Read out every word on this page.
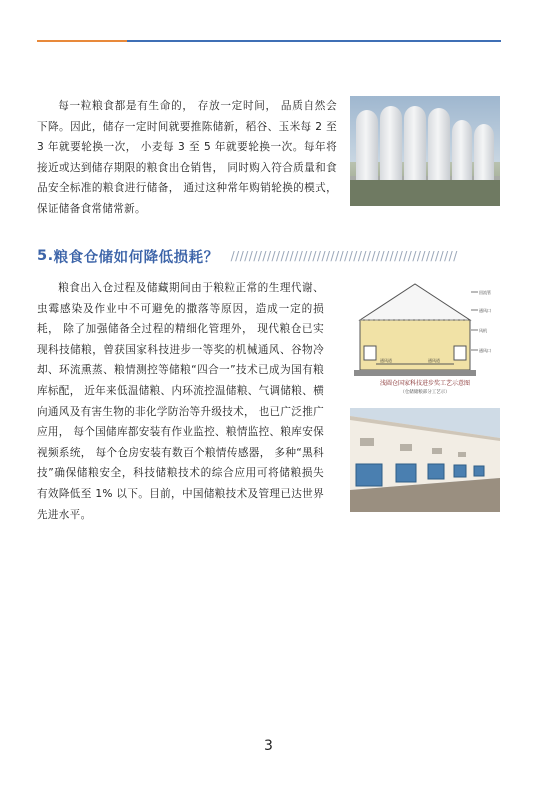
每一粒粮食都是有生命的， 存放一定时间， 品质自然会下降。因此，储存一定时间就要推陈储新，稻谷、玉米每 2 至 3 年就要轮换一次， 小麦每 3 至 5 年就要轮换一次。每年将接近或达到储存期限的粮食出仓销售， 同时购入符合质量和食品安全标准的粮食进行储备， 通过这种常年购销轮换的模式，保证储备食常储常新。

5. 粮食仓储如何降低损耗？ //////////////////////////////////////////////////

粮食出入仓过程及储藏期间由于粮粒正常的生理代谢、虫霉感染及作业中不可避免的撒落等原因，造成一定的损耗， 除了加强储备全过程的精细化管理外， 现代粮仓已实现科技储粮，曾获国家科技进步一等奖的机械通风、谷物冷却、环流熏蒸、粮情测控等储粮“四合一”技术已成为国有粮库标配， 近年来低温储粮、内环流控温储粮、气调储粮、横向通风及有害生物的非化学防治等升级技术， 也已广泛推广应用， 每个国储库都安装有作业监控、粮情监控、粮库安保视频系统， 每个仓房安装有数百个粮情传感器， 多种“黑科技”确保储粮安全，科技储粮技术的综合应用可将储粮损失有效降低至 1% 以下。目前，中国储粮技术及管理已达世界先进水平。

回流管
通风口
风机
通风口
通风道	通风道
浅圆仓国家科技进步奖工艺示意图
（仓储储粮部分工艺示）
3
